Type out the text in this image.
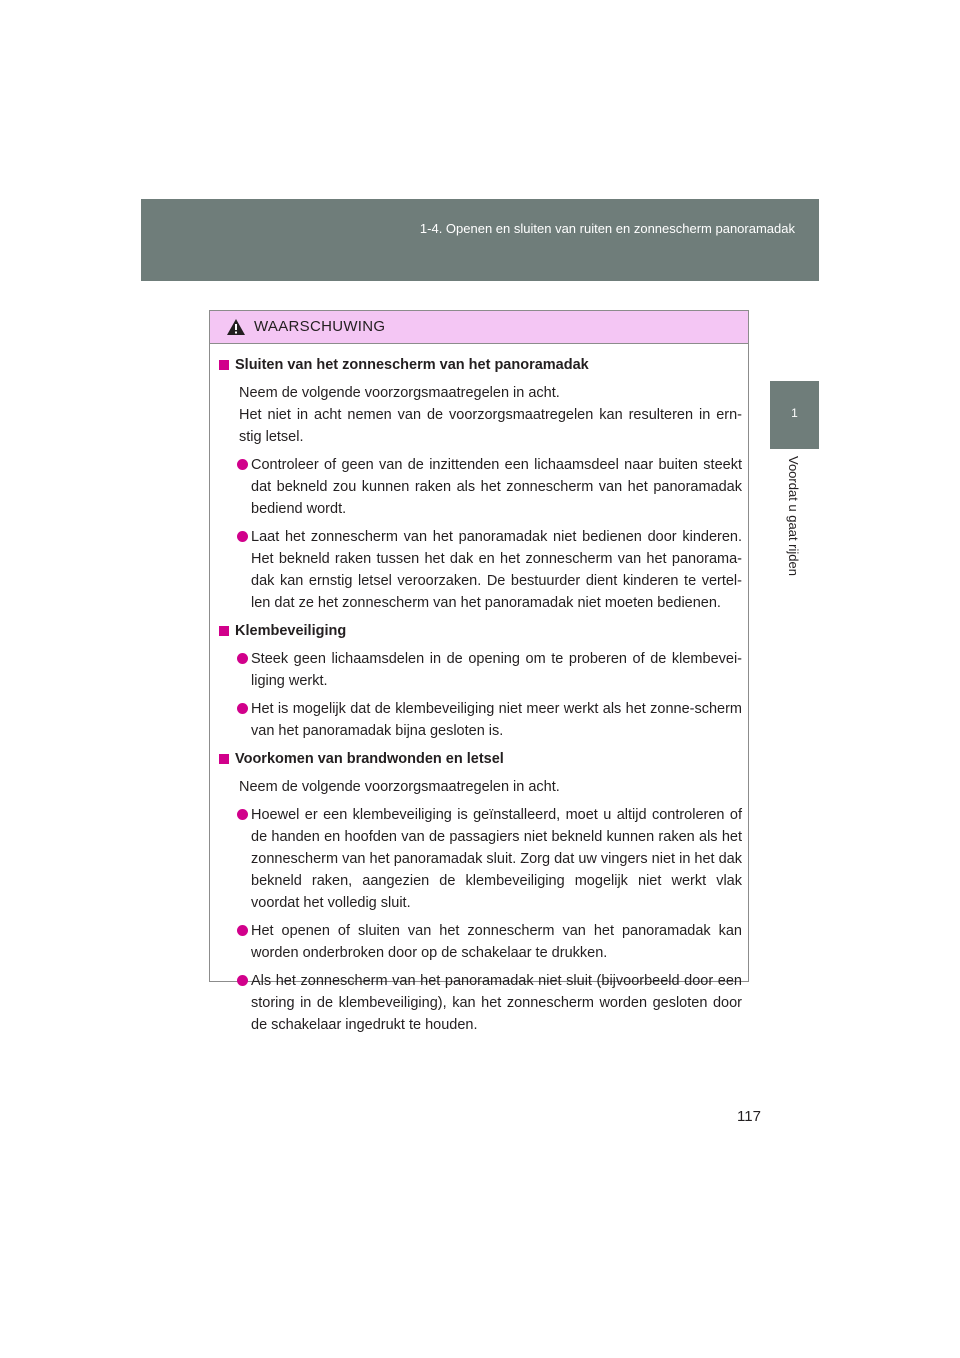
1-4. Openen en sluiten van ruiten en zonnescherm panoramadak
1
Voordat u gaat rijden
WAARSCHUWING
Sluiten van het zonnescherm van het panoramadak
Neem de volgende voorzorgsmaatregelen in acht.
Het niet in acht nemen van de voorzorgsmaatregelen kan resulteren in ern-stig letsel.
Controleer of geen van de inzittenden een lichaamsdeel naar buiten steekt dat bekneld zou kunnen raken als het zonnescherm van het panoramadak bediend wordt.
Laat het zonnescherm van het panoramadak niet bedienen door kinderen. Het bekneld raken tussen het dak en het zonnescherm van het panorama-dak kan ernstig letsel veroorzaken. De bestuurder dient kinderen te vertel-len dat ze het zonnescherm van het panoramadak niet moeten bedienen.
Klembeveiliging
Steek geen lichaamsdelen in de opening om te proberen of de klembevei-liging werkt.
Het is mogelijk dat de klembeveiliging niet meer werkt als het zonne-scherm van het panoramadak bijna gesloten is.
Voorkomen van brandwonden en letsel
Neem de volgende voorzorgsmaatregelen in acht.
Hoewel er een klembeveiliging is geïnstalleerd, moet u altijd controleren of de handen en hoofden van de passagiers niet bekneld kunnen raken als het zonnescherm van het panoramadak sluit. Zorg dat uw vingers niet in het dak bekneld raken, aangezien de klembeveiliging mogelijk niet werkt vlak voordat het volledig sluit.
Het openen of sluiten van het zonnescherm van het panoramadak kan worden onderbroken door op de schakelaar te drukken.
Als het zonnescherm van het panoramadak niet sluit (bijvoorbeeld door een storing in de klembeveiliging), kan het zonnescherm worden gesloten door de schakelaar ingedrukt te houden.
117
